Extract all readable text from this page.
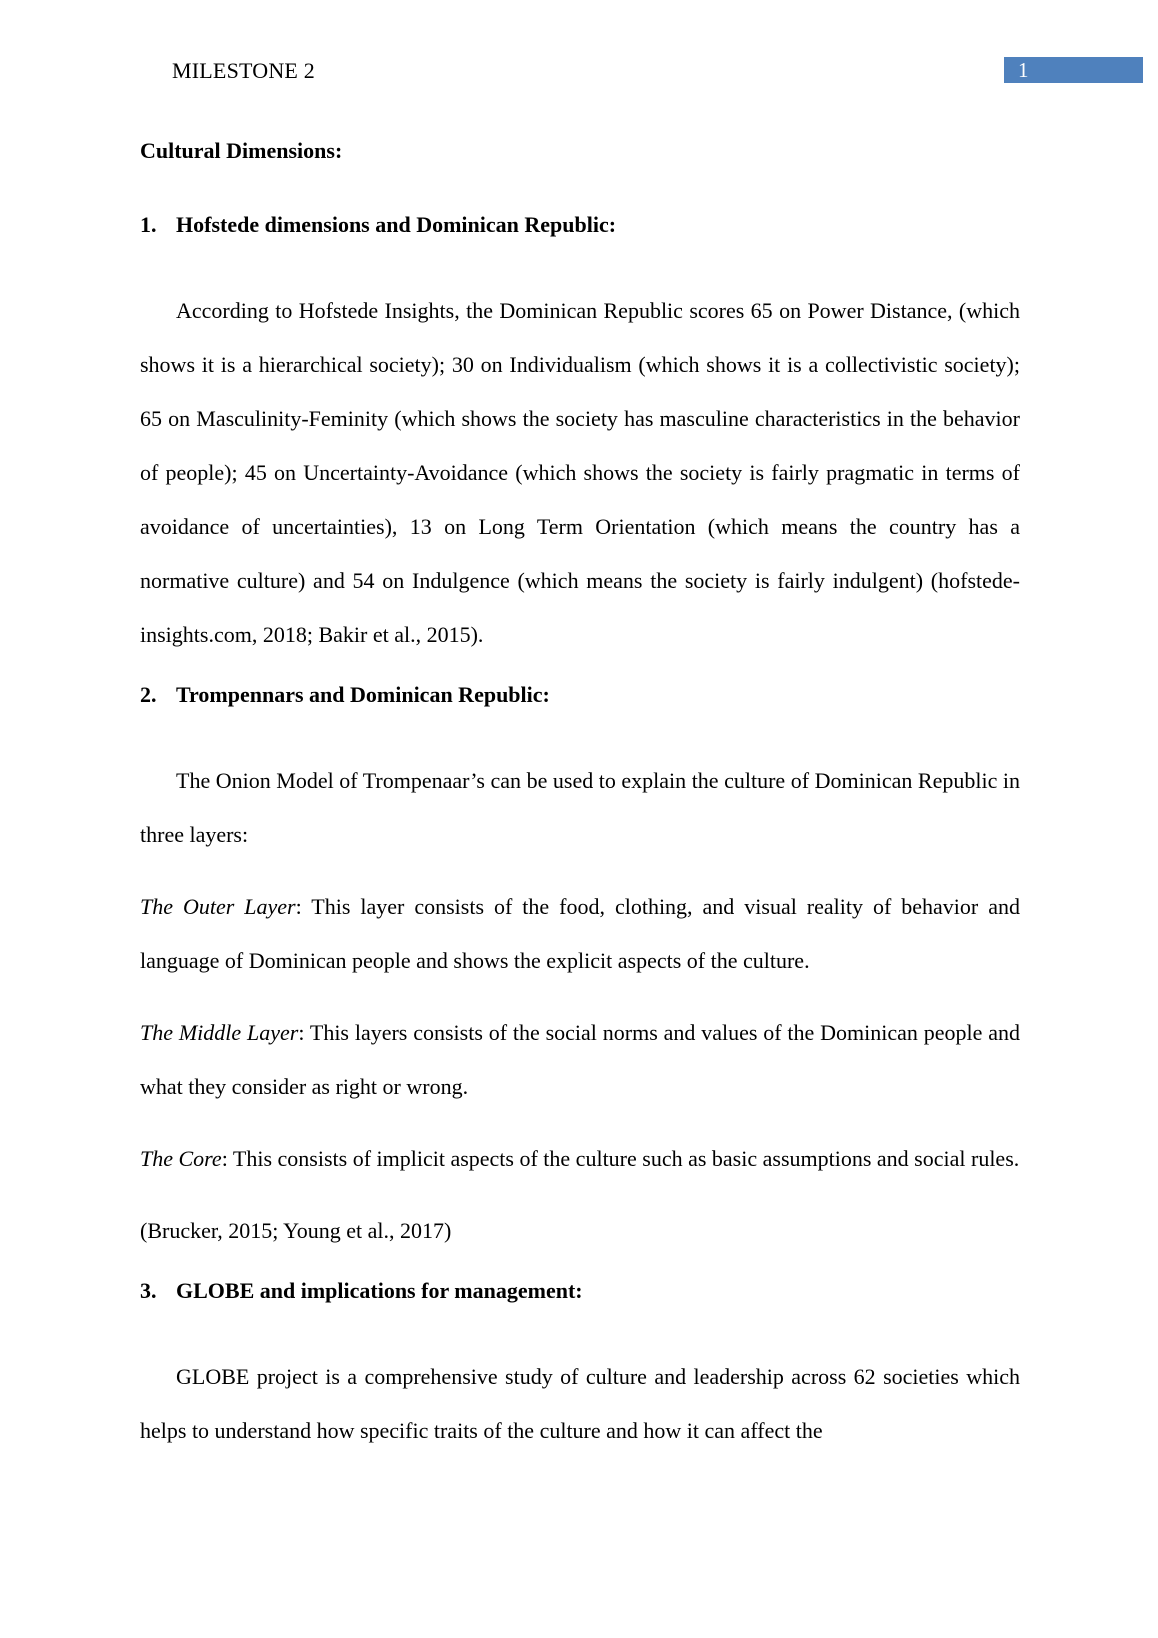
MILESTONE 2	1
Cultural Dimensions:
1. Hofstede dimensions and Dominican Republic:

According to Hofstede Insights, the Dominican Republic scores 65 on Power Distance, (which shows it is a hierarchical society); 30 on Individualism (which shows it is a collectivistic society); 65 on Masculinity-Feminity (which shows the society has masculine characteristics in the behavior of people); 45 on Uncertainty-Avoidance (which shows the society is fairly pragmatic in terms of avoidance of uncertainties), 13 on Long Term Orientation (which means the country has a normative culture) and 54 on Indulgence (which means the society is fairly indulgent) (hofstede-insights.com, 2018; Bakir et al., 2015).

2. Trompennars and Dominican Republic:

The Onion Model of Trompenaar’s can be used to explain the culture of Dominican Republic in three layers:

The Outer Layer: This layer consists of the food, clothing, and visual reality of behavior and language of Dominican people and shows the explicit aspects of the culture.

The Middle Layer: This layers consists of the social norms and values of the Dominican people and what they consider as right or wrong.

The Core: This consists of implicit aspects of the culture such as basic assumptions and social rules.

(Brucker, 2015; Young et al., 2017)

3. GLOBE and implications for management:

GLOBE project is a comprehensive study of culture and leadership across 62 societies which helps to understand how specific traits of the culture and how it can affect the
